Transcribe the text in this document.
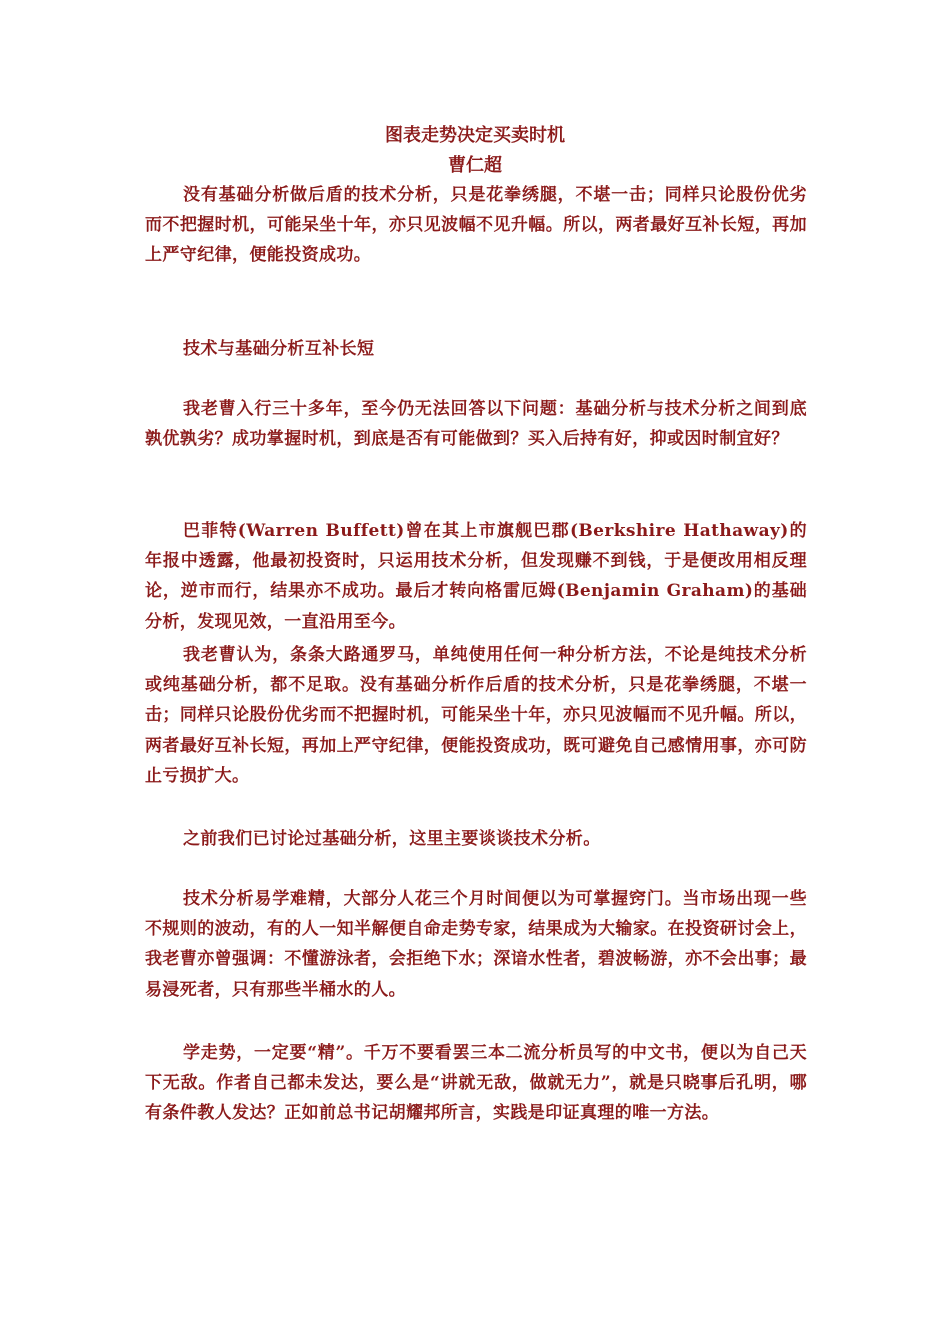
图表走势决定买卖时机
曹仁超
没有基础分析做后盾的技术分析，只是花拳绣腿，不堪一击；同样只论股份优劣而不把握时机，可能呆坐十年，亦只见波幅不见升幅。所以，两者最好互补长短，再加上严守纪律，便能投资成功。
技术与基础分析互补长短
我老曹入行三十多年，至今仍无法回答以下问题：基础分析与技术分析之间到底孰优孰劣？成功掌握时机，到底是否有可能做到？买入后持有好，抑或因时制宜好？
巴菲特(Warren Buffett)曾在其上市旗舰巴郡(Berkshire Hathaway)的年报中透露，他最初投资时，只运用技术分析，但发现赚不到钱，于是便改用相反理论，逆市而行，结果亦不成功。最后才转向格雷厄姆(Benjamin Graham)的基础分析，发现见效，一直沿用至今。
我老曹认为，条条大路通罗马，单纯使用任何一种分析方法，不论是纯技术分析或纯基础分析，都不足取。没有基础分析作后盾的技术分析，只是花拳绣腿，不堪一击；同样只论股份优劣而不把握时机，可能呆坐十年，亦只见波幅而不见升幅。所以，两者最好互补长短，再加上严守纪律，便能投资成功，既可避免自己感情用事，亦可防止亏损扩大。
之前我们已讨论过基础分析，这里主要谈谈技术分析。
技术分析易学难精，大部分人花三个月时间便以为可掌握窍门。当市场出现一些不规则的波动，有的人一知半解便自命走势专家，结果成为大输家。在投资研讨会上，我老曹亦曾强调：不懂游泳者，会拒绝下水；深谙水性者，碧波畅游，亦不会出事；最易浸死者，只有那些半桶水的人。
学走势，一定要“精”。千万不要看罢三本二流分析员写的中文书，便以为自己天下无敌。作者自己都未发达，要么是“讲就无敌，做就无力”，就是只晓事后孔明，哪有条件教人发达？正如前总书记胡耀邦所言，实践是印证真理的唯一方法。
